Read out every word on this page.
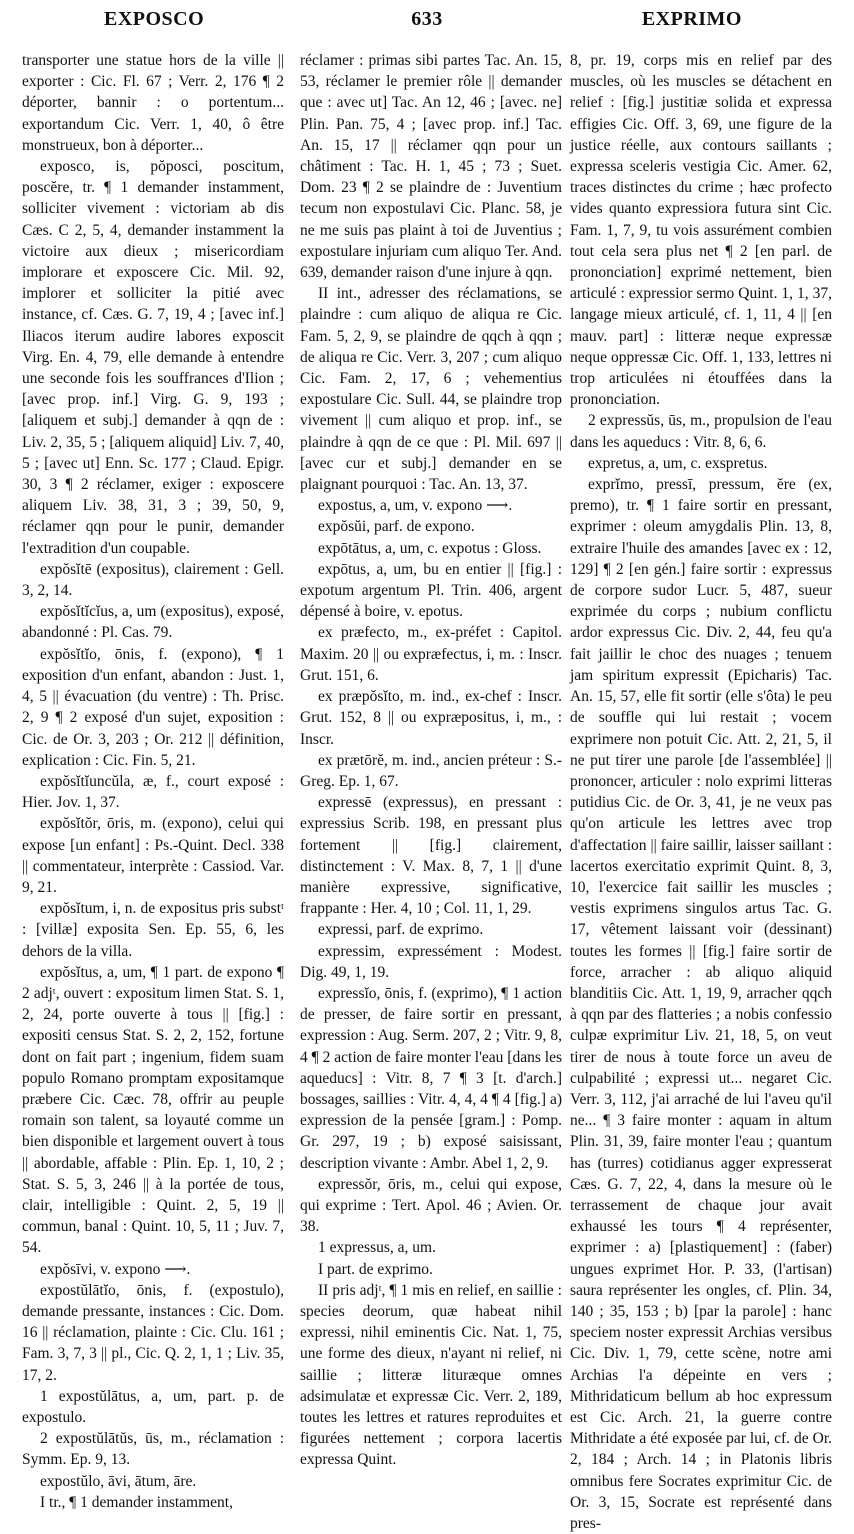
EXPOSCO	633	EXPRIMO

transporter une statue hors de la ville || exporter : Cic. Fl. 67 ; Verr. 2, 176 ¶ 2 déporter, bannir : o portentum... exportandum Cic. Verr. 1, 40, ô être monstrueux, bon à déporter...

exposco, is, pŏposci, poscitum, poscĕre, tr. ¶ 1 demander instamment, solliciter vivement : victoriam ab dis Cæs. C 2, 5, 4, demander instamment la victoire aux dieux ; misericordiam implorare et exposcere Cic. Mil. 92, implorer et solliciter la pitié avec instance, cf. Cæs. G. 7, 19, 4 ; [avec inf.] Iliacos iterum audire labores exposcit Virg. En. 4, 79, elle demande à entendre une seconde fois les souffrances d'Ilion ; [avec prop. inf.] Virg. G. 9, 193 ; [aliquem et subj.] demander à qqn de : Liv. 2, 35, 5 ; [aliquem aliquid] Liv. 7, 40, 5 ; [avec ut] Enn. Sc. 177 ; Claud. Epigr. 30, 3 ¶ 2 réclamer, exiger : exposcere aliquem Liv. 38, 31, 3 ; 39, 50, 9, réclamer qqn pour le punir, demander l'extradition d'un coupable.

expŏsĭtē (expositus), clairement : Gell. 3, 2, 14.

expŏsĭtĭcĭus, a, um (expositus), exposé, abandonné : Pl. Cas. 79.

expŏsĭtĭo, ōnis, f. (expono), ¶ 1 exposition d'un enfant, abandon : Just. 1, 4, 5 || évacuation (du ventre) : Th. Prisc. 2, 9 ¶ 2 exposé d'un sujet, exposition : Cic. de Or. 3, 203 ; Or. 212 || définition, explication : Cic. Fin. 5, 21.

expŏsĭtĭuncŭla, æ, f., court exposé : Hier. Jov. 1, 37.

expŏsĭtŏr, ōris, m. (expono), celui qui expose [un enfant] : Ps.-Quint. Decl. 338 || commentateur, interprète : Cassiod. Var. 9, 21.

expŏsĭtum, i, n. de expositus pris substᵗ : [villæ] exposita Sen. Ep. 55, 6, les dehors de la villa.

expŏsĭtus, a, um, ¶ 1 part. de expono ¶ 2 adjᵗ, ouvert : expositum limen Stat. S. 1, 2, 24, porte ouverte à tous || [fig.] : expositi census Stat. S. 2, 2, 152, fortune dont on fait part ; ingenium, fidem suam populo Romano promptam expositamque præbere Cic. Cæc. 78, offrir au peuple romain son talent, sa loyauté comme un bien disponible et largement ouvert à tous || abordable, affable : Plin. Ep. 1, 10, 2 ; Stat. S. 5, 3, 246 || à la portée de tous, clair, intelligible : Quint. 2, 5, 19 || commun, banal : Quint. 10, 5, 11 ; Juv. 7, 54.

expŏsīvi, v. expono ⟶.

expostŭlātĭo, ōnis, f. (expostulo), demande pressante, instances : Cic. Dom. 16 || réclamation, plainte : Cic. Clu. 161 ; Fam. 3, 7, 3 || pl., Cic. Q. 2, 1, 1 ; Liv. 35, 17, 2.

1 expostŭlātus, a, um, part. p. de expostulo.

2 expostŭlātŭs, ūs, m., réclamation : Symm. Ep. 9, 13.

expostŭlo, āvi, ātum, āre.

I tr., ¶ 1 demander instamment,

réclamer : primas sibi partes Tac. An. 15, 53, réclamer le premier rôle || demander que : avec ut] Tac. An 12, 46 ; [avec. ne] Plin. Pan. 75, 4 ; [avec prop. inf.] Tac. An. 15, 17 || réclamer qqn pour un châtiment : Tac. H. 1, 45 ; 73 ; Suet. Dom. 23 ¶ 2 se plaindre de : Juventium tecum non expostulavi Cic. Planc. 58, je ne me suis pas plaint à toi de Juventius ; expostulare injuriam cum aliquo Ter. And. 639, demander raison d'une injure à qqn.

II int., adresser des réclamations, se plaindre : cum aliquo de aliqua re Cic. Fam. 5, 2, 9, se plaindre de qqch à qqn ; de aliqua re Cic. Verr. 3, 207 ; cum aliquo Cic. Fam. 2, 17, 6 ; vehementius expostulare Cic. Sull. 44, se plaindre trop vivement || cum aliquo et prop. inf., se plaindre à qqn de ce que : Pl. Mil. 697 || [avec cur et subj.] demander en se plaignant pourquoi : Tac. An. 13, 37.

expostus, a, um, v. expono ⟶.

expŏsŭi, parf. de expono.

expōtātus, a, um, c. expotus : Gloss.

expōtus, a, um, bu en entier || [fig.] : expotum argentum Pl. Trin. 406, argent dépensé à boire, v. epotus.

ex præfecto, m., ex-préfet : Capitol. Maxim. 20 || ou expræfectus, i, m. : Inscr. Grut. 151, 6.

ex præpŏsĭto, m. ind., ex-chef : Inscr. Grut. 152, 8 || ou expræpositus, i, m., : Inscr.

ex prætōrĕ, m. ind., ancien préteur : S.-Greg. Ep. 1, 67.

expressē (expressus), en pressant : expressius Scrib. 198, en pressant plus fortement || [fig.] clairement, distinctement : V. Max. 8, 7, 1 || d'une manière expressive, significative, frappante : Her. 4, 10 ; Col. 11, 1, 29.

expressi, parf. de exprimo.

expressim, expressément : Modest. Dig. 49, 1, 19.

expressĭo, ōnis, f. (exprimo), ¶ 1 action de presser, de faire sortir en pressant, expression : Aug. Serm. 207, 2 ; Vitr. 9, 8, 4 ¶ 2 action de faire monter l'eau [dans les aqueducs] : Vitr. 8, 7 ¶ 3 [t. d'arch.] bossages, saillies : Vitr. 4, 4, 4 ¶ 4 [fig.] a) expression de la pensée [gram.] : Pomp. Gr. 297, 19 ; b) exposé saisissant, description vivante : Ambr. Abel 1, 2, 9.

expressŏr, ōris, m., celui qui expose, qui exprime : Tert. Apol. 46 ; Avien. Or. 38.

1 expressus, a, um.

I part. de exprimo.

II pris adjᵗ, ¶ 1 mis en relief, en saillie : species deorum, quæ habeat nihil expressi, nihil eminentis Cic. Nat. 1, 75, une forme des dieux, n'ayant ni relief, ni saillie ; litteræ lituræque omnes adsimulatæ et expressæ Cic. Verr. 2, 189, toutes les lettres et ratures reproduites et figurées nettement ; corpora lacertis expressa Quint.

8, pr. 19, corps mis en relief par des muscles, où les muscles se détachent en relief : [fig.] justitiæ solida et expressa effigies Cic. Off. 3, 69, une figure de la justice réelle, aux contours saillants ; expressa sceleris vestigia Cic. Amer. 62, traces distinctes du crime ; hæc profecto vides quanto expressiora futura sint Cic. Fam. 1, 7, 9, tu vois assurément combien tout cela sera plus net ¶ 2 [en parl. de prononciation] exprimé nettement, bien articulé : expressior sermo Quint. 1, 1, 37, langage mieux articulé, cf. 1, 11, 4 || [en mauv. part] : litteræ neque expressæ neque oppressæ Cic. Off. 1, 133, lettres ni trop articulées ni étouffées dans la prononciation.

2 expressŭs, ūs, m., propulsion de l'eau dans les aqueducs : Vitr. 8, 6, 6.

expretus, a, um, c. exspretus.

exprĭmo, pressī, pressum, ĕre (ex, premo), tr. ¶ 1 faire sortir en pressant, exprimer : oleum amygdalis Plin. 13, 8, extraire l'huile des amandes [avec ex : 12, 129] ¶ 2 [en gén.] faire sortir : expressus de corpore sudor Lucr. 5, 487, sueur exprimée du corps ; nubium conflictu ardor expressus Cic. Div. 2, 44, feu qu'a fait jaillir le choc des nuages ; tenuem jam spiritum expressit (Epicharis) Tac. An. 15, 57, elle fit sortir (elle s'ôta) le peu de souffle qui lui restait ; vocem exprimere non potuit Cic. Att. 2, 21, 5, il ne put tirer une parole [de l'assemblée] || prononcer, articuler : nolo exprimi litteras putidius Cic. de Or. 3, 41, je ne veux pas qu'on articule les lettres avec trop d'affectation || faire saillir, laisser saillant : lacertos exercitatio exprimit Quint. 8, 3, 10, l'exercice fait saillir les muscles ; vestis exprimens singulos artus Tac. G. 17, vêtement laissant voir (dessinant) toutes les formes || [fig.] faire sortir de force, arracher : ab aliquo aliquid blanditiis Cic. Att. 1, 19, 9, arracher qqch à qqn par des flatteries ; a nobis confessio culpæ exprimitur Liv. 21, 18, 5, on veut tirer de nous à toute force un aveu de culpabilité ; expressi ut... negaret Cic. Verr. 3, 112, j'ai arraché de lui l'aveu qu'il ne... ¶ 3 faire monter : aquam in altum Plin. 31, 39, faire monter l'eau ; quantum has (turres) cotidianus agger expresserat Cæs. G. 7, 22, 4, dans la mesure où le terrassement de chaque jour avait exhaussé les tours ¶ 4 représenter, exprimer : a) [plastiquement] : (faber) ungues exprimet Hor. P. 33, (l'artisan) saura représenter les ongles, cf. Plin. 34, 140 ; 35, 153 ; b) [par la parole] : hanc speciem noster expressit Archias versibus Cic. Div. 1, 79, cette scène, notre ami Archias l'a dépeinte en vers ; Mithridaticum bellum ab hoc expressum est Cic. Arch. 21, la guerre contre Mithridate a été exposée par lui, cf. de Or. 2, 184 ; Arch. 14 ; in Platonis libris omnibus fere Socrates exprimitur Cic. de Or. 3, 15, Socrate est représenté dans pres-
